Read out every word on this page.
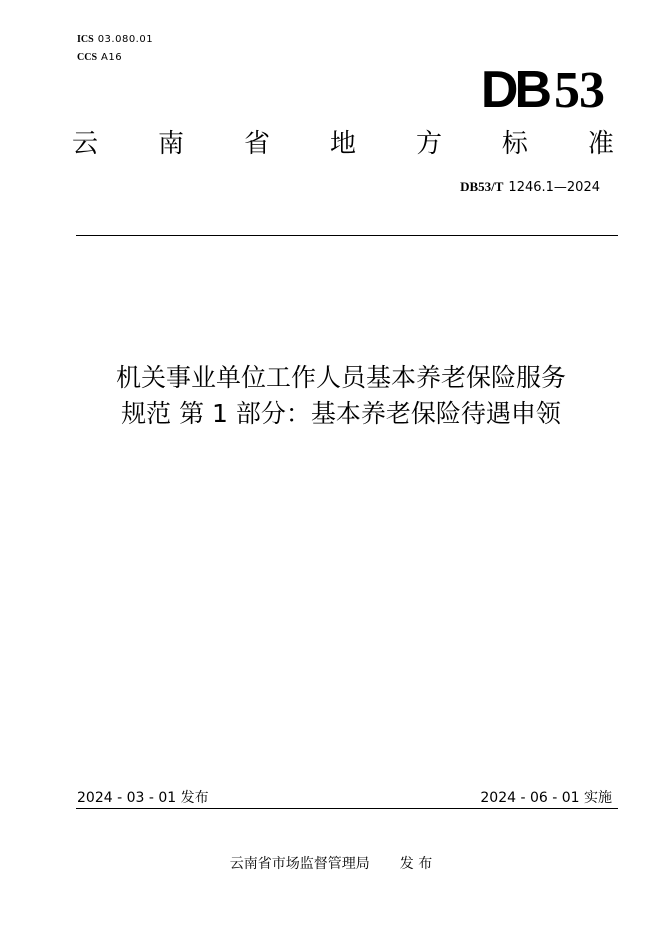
ICS 03.080.01
CCS A16
DB 53
云 南 省 地 方 标 准
DB53/T 1246.1—2024
机关事业单位工作人员基本养老保险服务
规范 第 1 部分：基本养老保险待遇申领
2024 - 03 - 01 发布	2024 - 06 - 01 实施
云南省市场监督管理局 发 布
